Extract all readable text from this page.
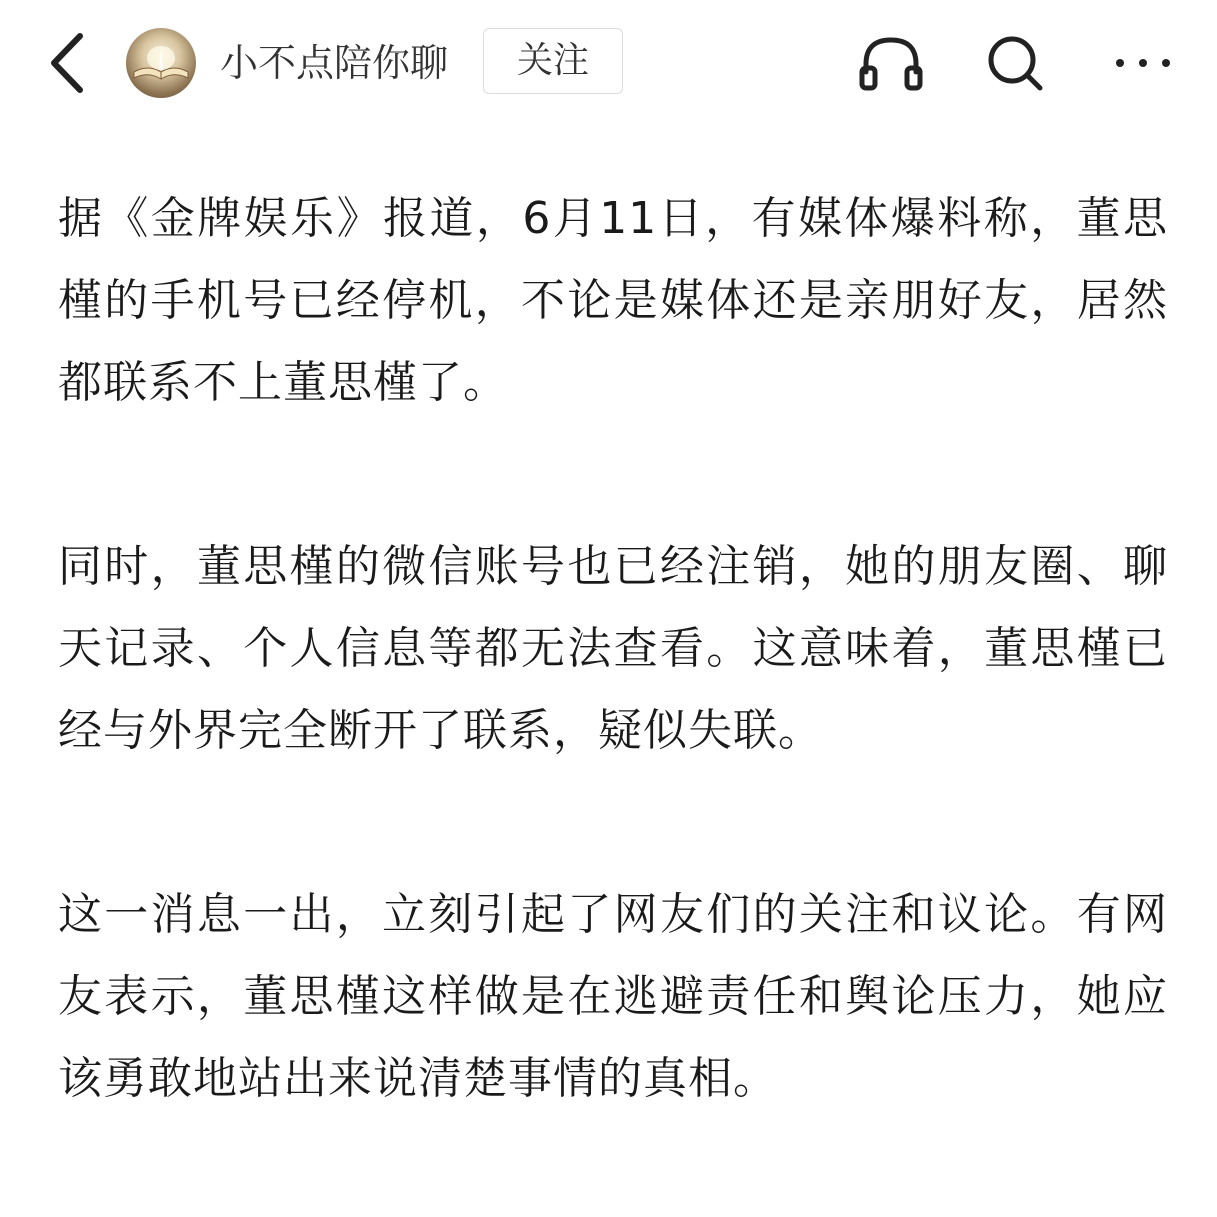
小不点陪你聊	关注

据《金牌娱乐》报道，6月11日，有媒体爆料称，董思槿的手机号已经停机，不论是媒体还是亲朋好友，居然都联系不上董思槿了。

同时，董思槿的微信账号也已经注销，她的朋友圈、聊天记录、个人信息等都无法查看。这意味着，董思槿已经与外界完全断开了联系，疑似失联。

这一消息一出，立刻引起了网友们的关注和议论。有网友表示，董思槿这样做是在逃避责任和舆论压力，她应该勇敢地站出来说清楚事情的真相。
